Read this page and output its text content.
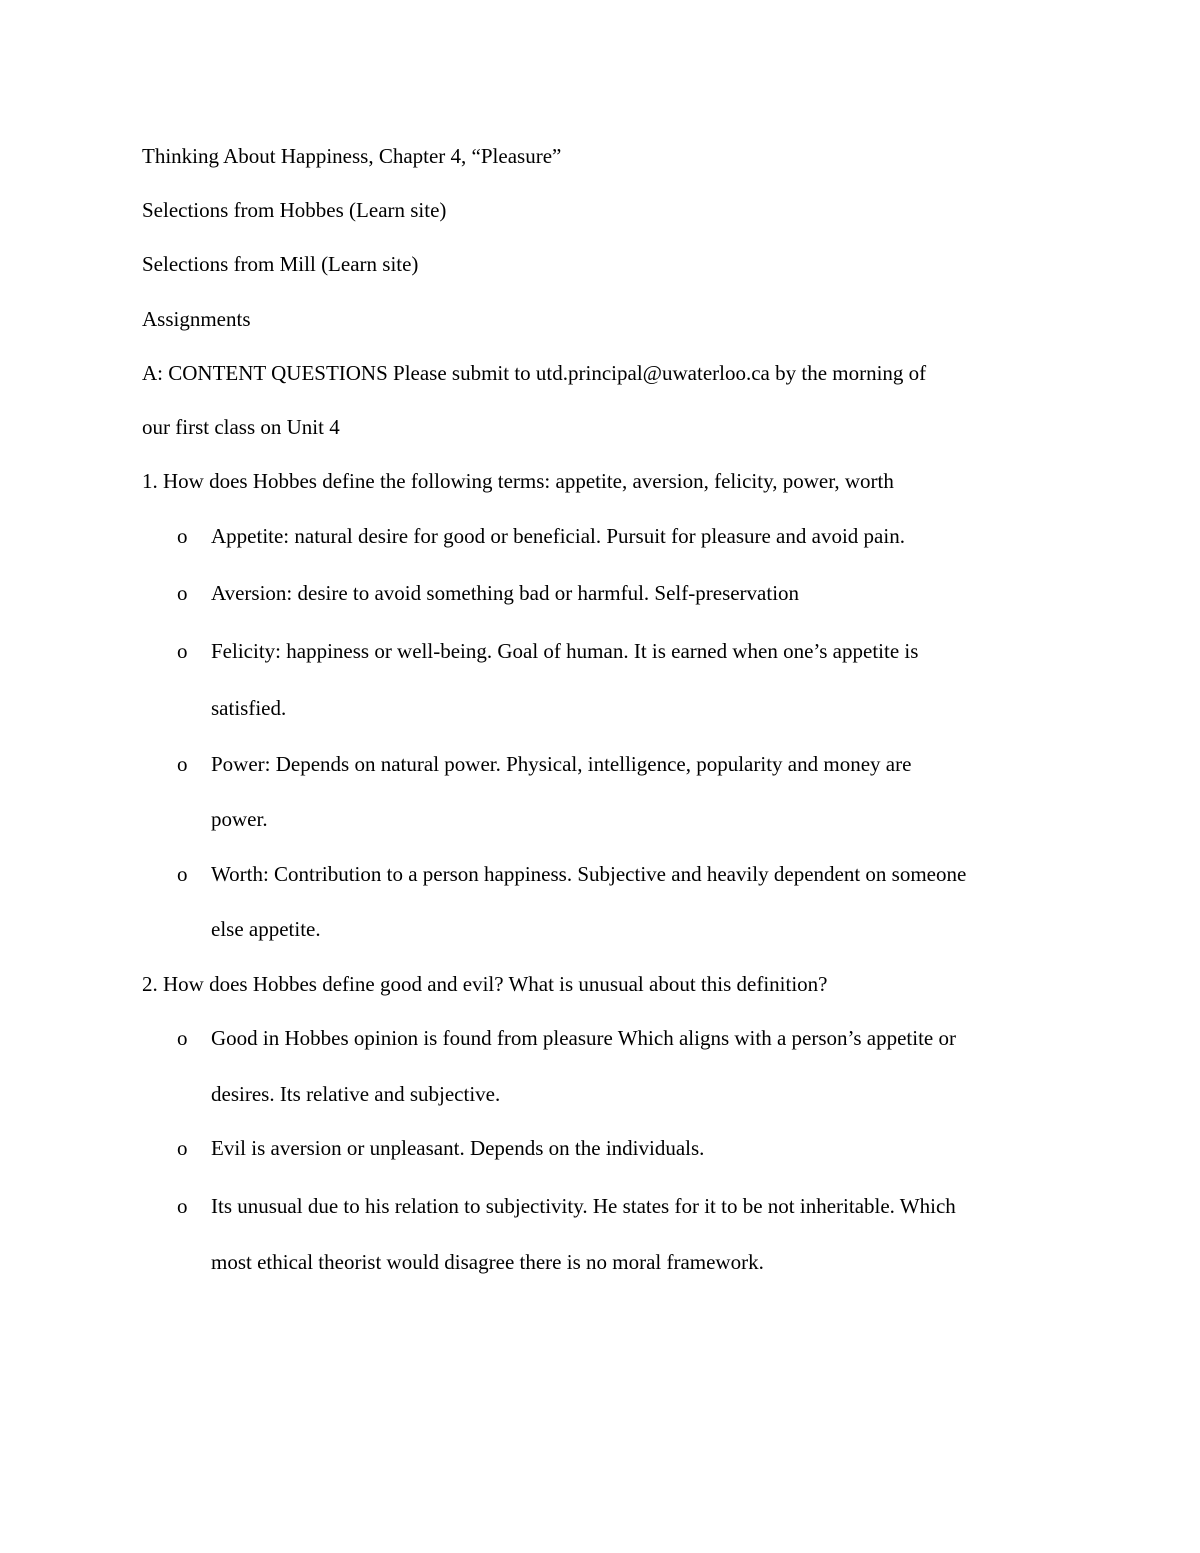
Thinking About Happiness, Chapter 4, “Pleasure”
Selections from Hobbes (Learn site)
Selections from Mill (Learn site)
Assignments
A: CONTENT QUESTIONS Please submit to utd.principal@uwaterloo.ca by the morning of
our first class on Unit 4
1. How does Hobbes define the following terms: appetite, aversion, felicity, power, worth
o Appetite: natural desire for good or beneficial. Pursuit for pleasure and avoid pain.
o Aversion: desire to avoid something bad or harmful. Self-preservation
o Felicity: happiness or well-being. Goal of human. It is earned when one’s appetite is
satisfied.
o Power: Depends on natural power. Physical, intelligence, popularity and money are
power.
o Worth: Contribution to a person happiness. Subjective and heavily dependent on someone
else appetite.
2. How does Hobbes define good and evil? What is unusual about this definition?
o Good in Hobbes opinion is found from pleasure Which aligns with a person’s appetite or
desires. Its relative and subjective.
o Evil is aversion or unpleasant. Depends on the individuals.
o Its unusual due to his relation to subjectivity. He states for it to be not inheritable. Which
most ethical theorist would disagree there is no moral framework.
